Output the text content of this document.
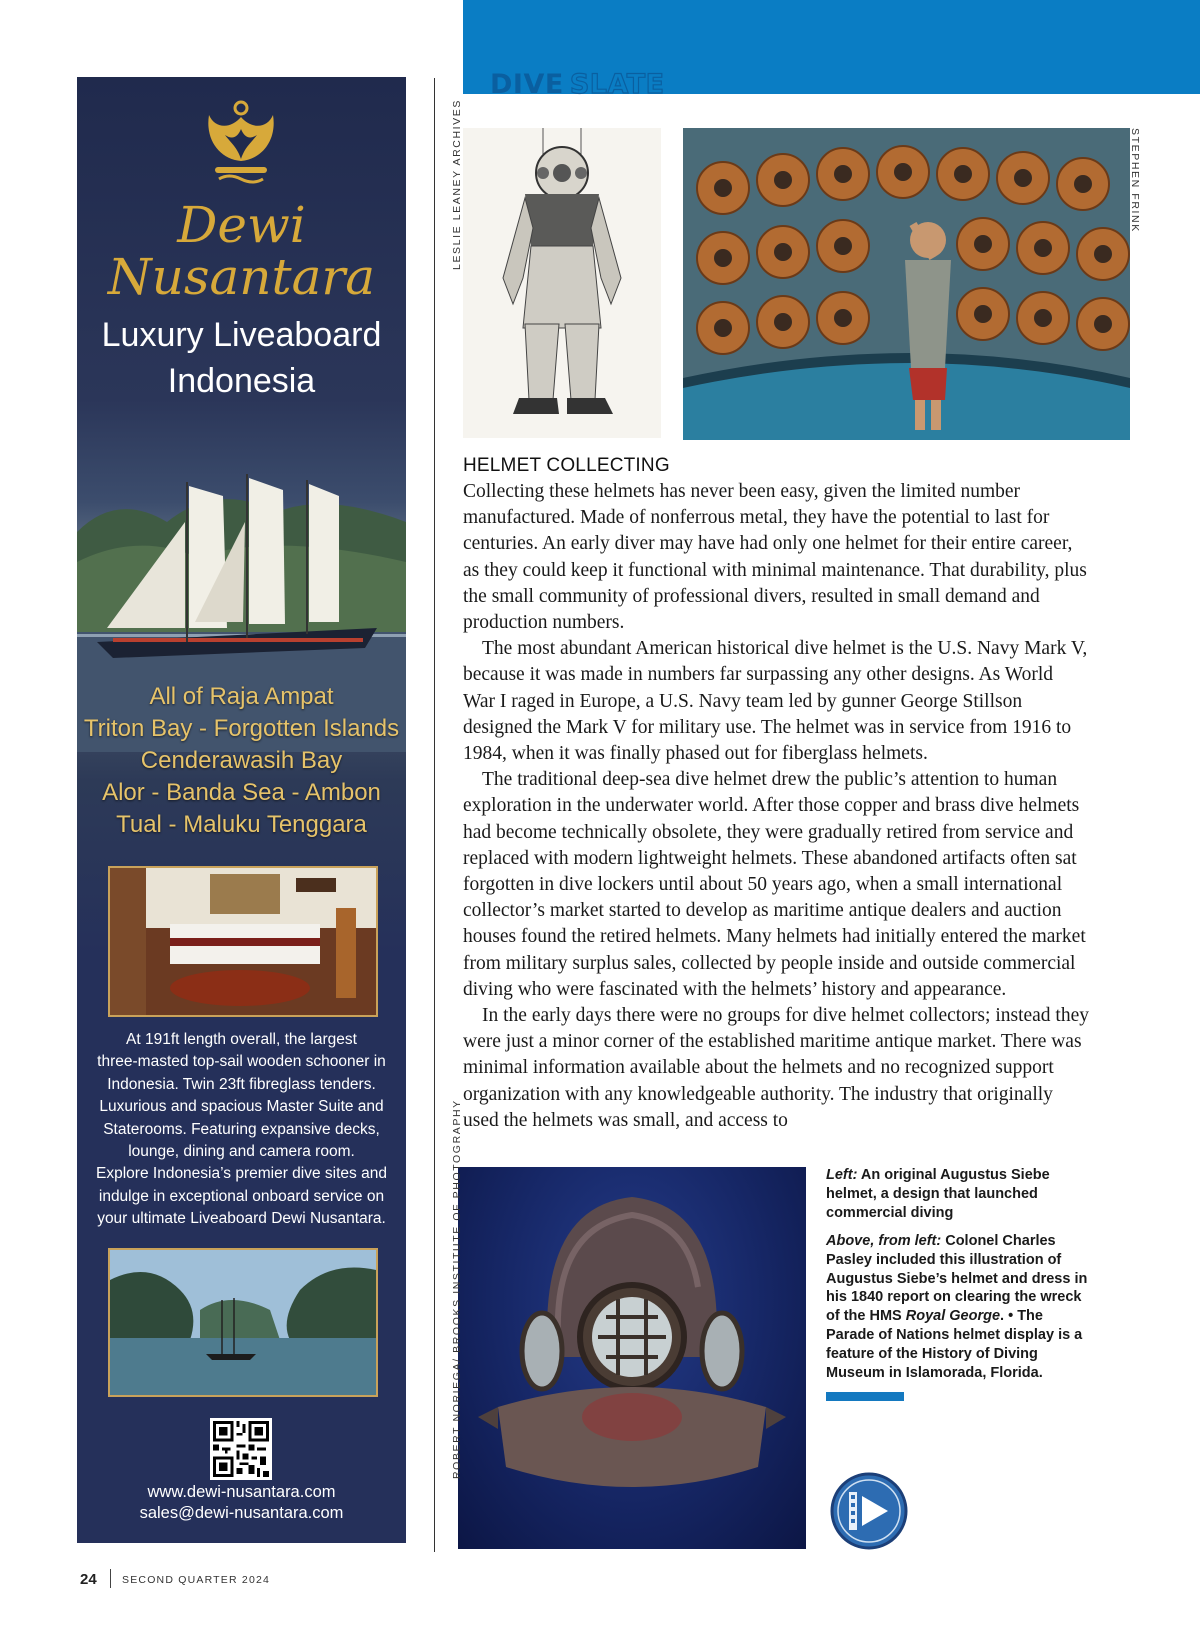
DIVE SLATE
Dewi
Nusantara
Luxury Liveaboard
Indonesia
All of Raja Ampat
Triton Bay - Forgotten Islands
Cenderawasih Bay
Alor - Banda Sea - Ambon
Tual - Maluku Tenggara
At 191ft length overall, the largest
three-masted top-sail wooden schooner in
Indonesia. Twin 23ft fibreglass tenders.
Luxurious and spacious Master Suite and
Staterooms. Featuring expansive decks,
lounge, dining and camera room.
Explore Indonesia’s premier dive sites and
indulge in exceptional onboard service on
your ultimate Liveaboard Dewi Nusantara.
www.dewi-nusantara.com
sales@dewi-nusantara.com
LESLIE LEANEY ARCHIVES	STEPHEN FRINK
HELMET COLLECTING

Collecting these helmets has never been easy, given the limited number manufactured. Made of nonferrous metal, they have the potential to last for centuries. An early diver may have had only one helmet for their entire career, as they could keep it functional with minimal maintenance. That durability, plus the small community of professional divers, resulted in small demand and production numbers.

The most abundant American historical dive helmet is the U.S. Navy Mark V, because it was made in numbers far surpassing any other designs. As World War I raged in Europe, a U.S. Navy team led by gunner George Stillson designed the Mark V for military use. The helmet was in service from 1916 to 1984, when it was finally phased out for fiberglass helmets.

The traditional deep-sea dive helmet drew the public’s attention to human exploration in the underwater world. After those copper and brass dive helmets had become technically obsolete, they were gradually retired from service and replaced with modern lightweight helmets. These abandoned artifacts often sat forgotten in dive lockers until about 50 years ago, when a small international collector’s market started to develop as maritime antique dealers and auction houses found the retired helmets. Many helmets had initially entered the market from military surplus sales, collected by people inside and outside commercial diving who were fascinated with the helmets’ history and appearance.

In the early days there were no groups for dive helmet collectors; instead they were just a minor corner of the established maritime antique market. There was minimal information available about the helmets and no recognized support organization with any knowledgeable authority. The industry that originally used the helmets was small, and access to

ROBERT NORIEGA/ BROOKS INSTITUTE OF PHOTOGRAPHY	Left: An original Augustus Siebe helmet, a design that launched commercial diving

Above, from left: Colonel Charles Pasley included this illustration of Augustus Siebe’s helmet and dress in his 1840 report on clearing the wreck of the HMS Royal George. • The Parade of Nations helmet display is a feature of the History of Diving Museum in Islamorada, Florida.

24 SECOND QUARTER 2024
